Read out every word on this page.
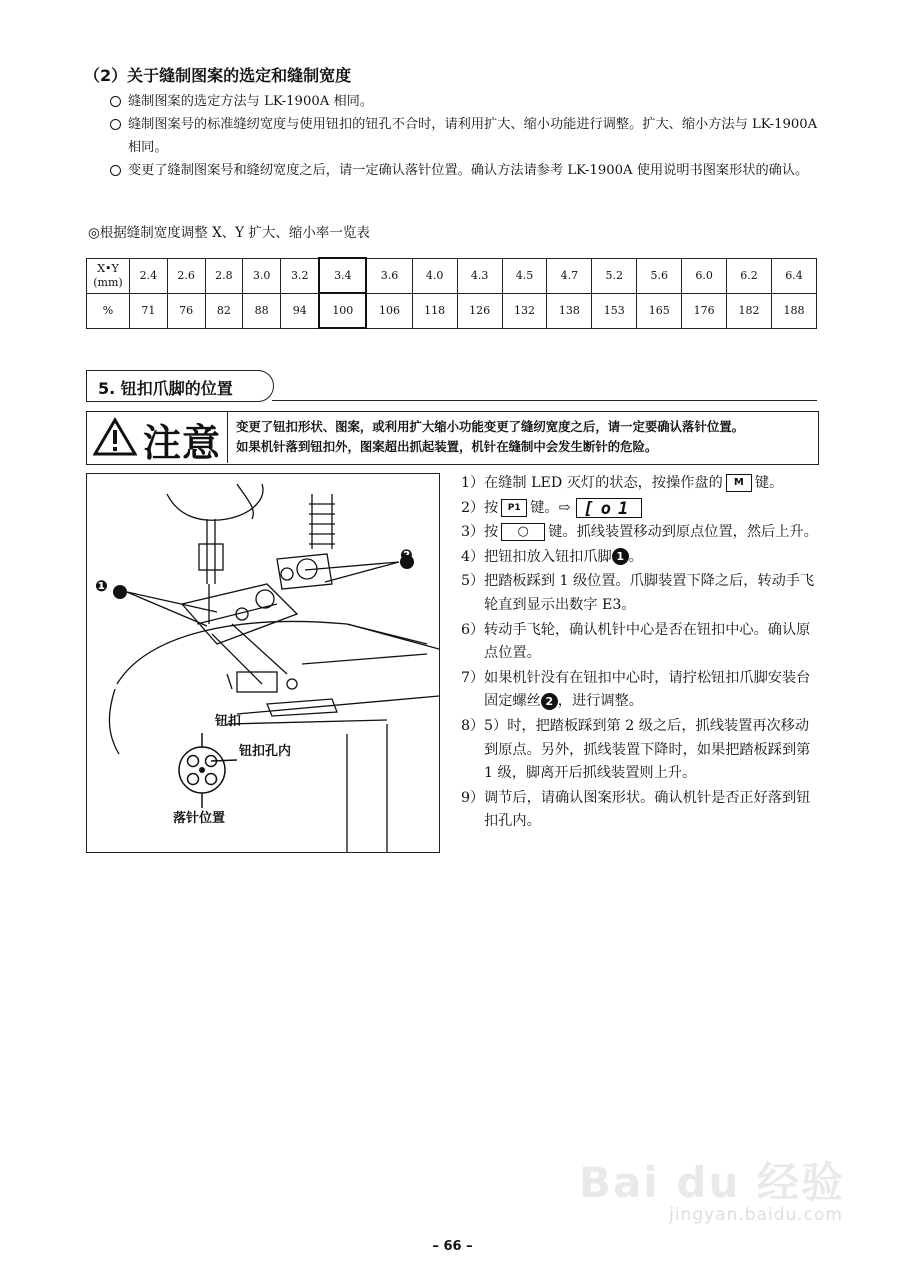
（2）关于缝制图案的选定和缝制宽度
缝制图案的选定方法与 LK-1900A 相同。
缝制图案号的标准缝纫宽度与使用钮扣的钮孔不合时，请利用扩大、缩小功能进行调整。扩大、缩小方法与 LK-1900A 相同。
变更了缝制图案号和缝纫宽度之后，请一定确认落针位置。确认方法请参考 LK-1900A 使用说明书图案形状的确认。
◎根据缝制宽度调整 X、Y 扩大、缩小率一览表
X•Y
(mm)	2.4	2.6	2.8	3.0	3.2	3.4	3.6	4.0	4.3	4.5	4.7	5.2	5.6	6.0	6.2	6.4
%	71	76	82	88	94	100	106	118	126	132	138	153	165	176	182	188
5. 钮扣爪脚的位置
注意 变更了钮扣形状、图案，或利用扩大缩小功能变更了缝纫宽度之后，请一定要确认落针位置。
如果机针落到钮扣外，图案超出抓起装置，机针在缝制中会发生断针的危险。
❶
❷
钮扣
钮扣孔内
落针位置
1） 在缝制 LED 灭灯的状态，按操作盘的 M 键。
2） 按 P1 键。⇨ [o1
3） 按 ○ 键。抓线装置移动到原点位置，然后上升。
4） 把钮扣放入钮扣爪脚 1 。
5） 把踏板踩到 1 级位置。爪脚装置下降之后，转动手飞轮直到显示出数字 E3。
6） 转动手飞轮，确认机针中心是否在钮扣中心。确认原点位置。
7） 如果机针没有在钮扣中心时，请拧松钮扣爪脚安装台固定螺丝 2 ，进行调整。
8） 5）时，把踏板踩到第 2 级之后，抓线装置再次移动到原点。另外，抓线装置下降时，如果把踏板踩到第 1 级，脚离开后抓线装置则上升。
9） 调节后，请确认图案形状。确认机针是否正好落到钮扣孔内。
Bai du 经验
jingyan.baidu.com
– 66 –
